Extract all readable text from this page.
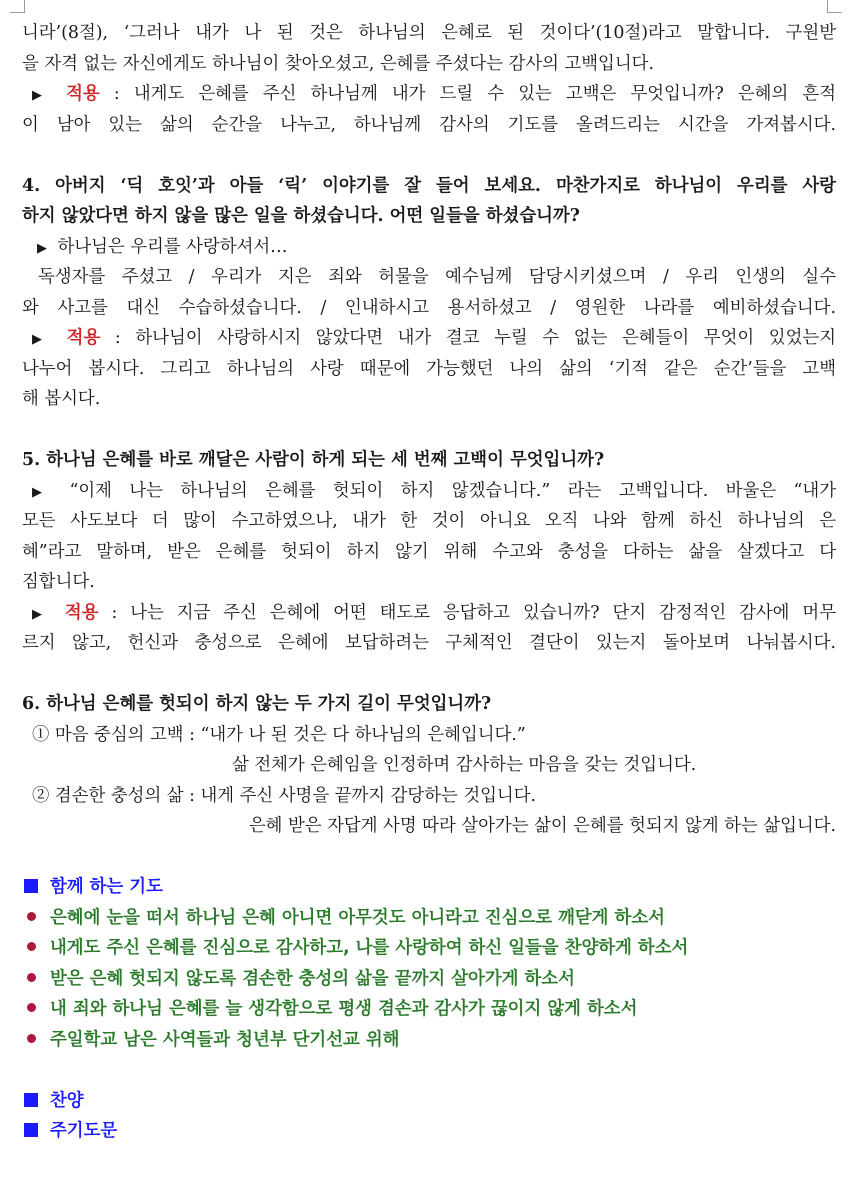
니라’(8절), ‘그러나 내가 나 된 것은 하나님의 은혜로 된 것이다’(10절)라고 말합니다. 구원받
을 자격 없는 자신에게도 하나님이 찾아오셨고, 은혜를 주셨다는 감사의 고백입니다.
▶ 적용 : 내게도 은혜를 주신 하나님께 내가 드릴 수 있는 고백은 무엇입니까? 은혜의 흔적
이 남아 있는 삶의 순간을 나누고, 하나님께 감사의 기도를 올려드리는 시간을 가져봅시다.
4. 아버지 ‘딕 호잇’과 아들 ‘릭’ 이야기를 잘 들어 보세요. 마찬가지로 하나님이 우리를 사랑
하지 않았다면 하지 않을 많은 일을 하셨습니다. 어떤 일들을 하셨습니까?
▶ 하나님은 우리를 사랑하셔서…
독생자를 주셨고 / 우리가 지은 죄와 허물을 예수님께 담당시키셨으며 / 우리 인생의 실수
와 사고를 대신 수습하셨습니다. / 인내하시고 용서하셨고 / 영원한 나라를 예비하셨습니다.
▶ 적용 : 하나님이 사랑하시지 않았다면 내가 결코 누릴 수 없는 은혜들이 무엇이 있었는지
나누어 봅시다. 그리고 하나님의 사랑 때문에 가능했던 나의 삶의 ‘기적 같은 순간’들을 고백
해 봅시다.
5. 하나님 은혜를 바로 깨달은 사람이 하게 되는 세 번째 고백이 무엇입니까?
▶ “이제 나는 하나님의 은혜를 헛되이 하지 않겠습니다.” 라는 고백입니다. 바울은 “내가
모든 사도보다 더 많이 수고하였으나, 내가 한 것이 아니요 오직 나와 함께 하신 하나님의 은
혜”라고 말하며, 받은 은혜를 헛되이 하지 않기 위해 수고와 충성을 다하는 삶을 살겠다고 다
짐합니다.
▶ 적용 : 나는 지금 주신 은혜에 어떤 태도로 응답하고 있습니까? 단지 감정적인 감사에 머무
르지 않고, 헌신과 충성으로 은혜에 보답하려는 구체적인 결단이 있는지 돌아보며 나눠봅시다.
6. 하나님 은혜를 헛되이 하지 않는 두 가지 길이 무엇입니까?
① 마음 중심의 고백 : “내가 나 된 것은 다 하나님의 은혜입니다.”
삶 전체가 은혜임을 인정하며 감사하는 마음을 갖는 것입니다.
② 겸손한 충성의 삶 : 내게 주신 사명을 끝까지 감당하는 것입니다.
은혜 받은 자답게 사명 따라 살아가는 삶이 은혜를 헛되지 않게 하는 삶입니다.
함께 하는 기도
은혜에 눈을 떠서 하나님 은혜 아니면 아무것도 아니라고 진심으로 깨닫게 하소서
내게도 주신 은혜를 진심으로 감사하고, 나를 사랑하여 하신 일들을 찬양하게 하소서
받은 은혜 헛되지 않도록 겸손한 충성의 삶을 끝까지 살아가게 하소서
내 죄와 하나님 은혜를 늘 생각함으로 평생 겸손과 감사가 끊이지 않게 하소서
주일학교 남은 사역들과 청년부 단기선교 위해
찬양
주기도문
